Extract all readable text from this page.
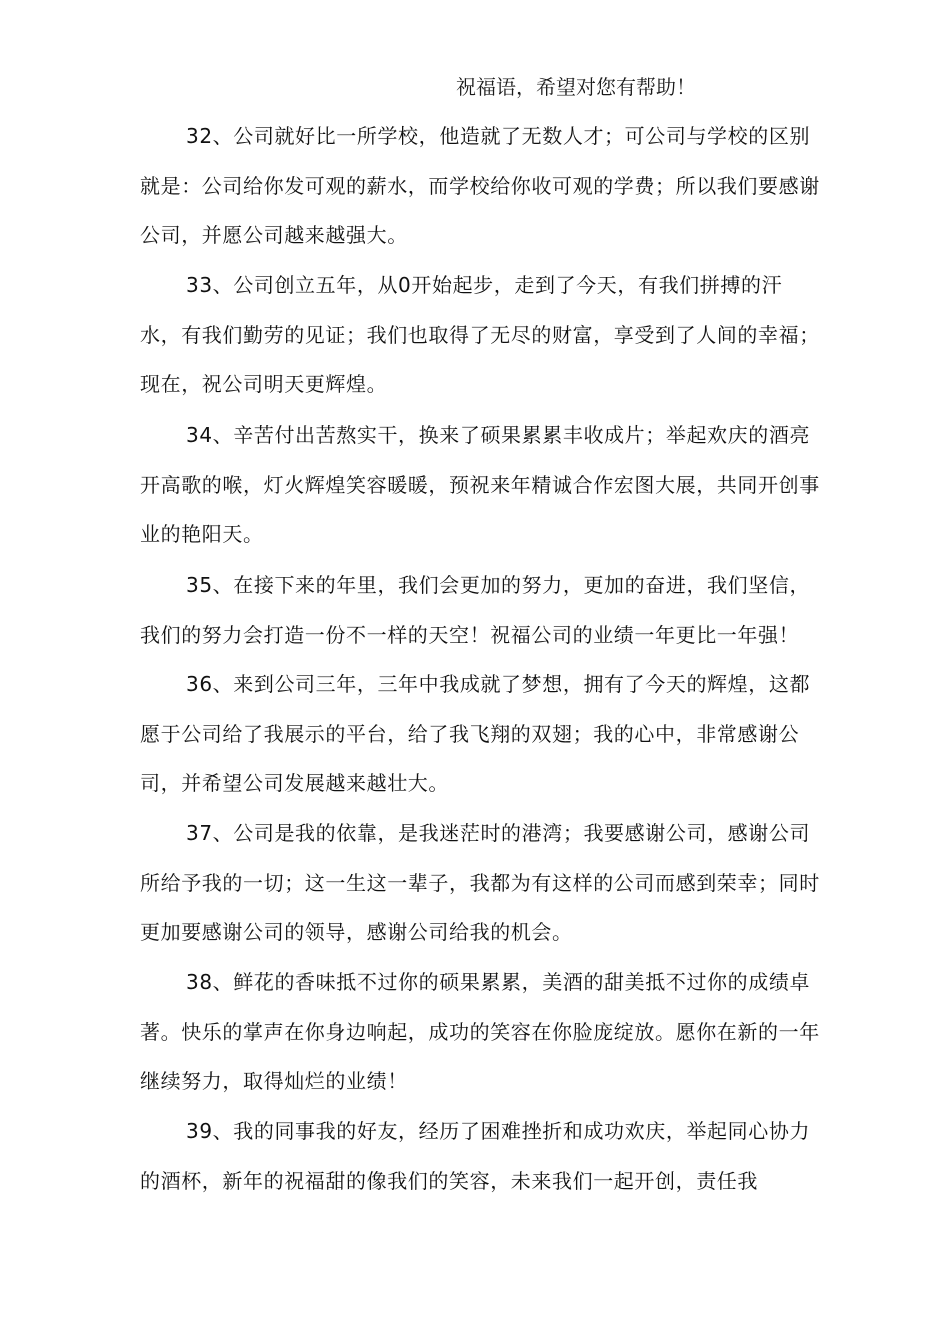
祝福语，希望对您有帮助！

32、公司就好比一所学校，他造就了无数人才；可公司与学校的区别就是：公司给你发可观的薪水，而学校给你收可观的学费；所以我们要感谢公司，并愿公司越来越强大。

33、公司创立五年，从0开始起步，走到了今天，有我们拼搏的汗水，有我们勤劳的见证；我们也取得了无尽的财富，享受到了人间的幸福；现在，祝公司明天更辉煌。

34、辛苦付出苦熬实干，换来了硕果累累丰收成片；举起欢庆的酒亮开高歌的喉，灯火辉煌笑容暖暖，预祝来年精诚合作宏图大展，共同开创事业的艳阳天。

35、在接下来的年里，我们会更加的努力，更加的奋进，我们坚信，我们的努力会打造一份不一样的天空！祝福公司的业绩一年更比一年强！

36、来到公司三年，三年中我成就了梦想，拥有了今天的辉煌，这都愿于公司给了我展示的平台，给了我飞翔的双翅；我的心中，非常感谢公司，并希望公司发展越来越壮大。

37、公司是我的依靠，是我迷茫时的港湾；我要感谢公司，感谢公司所给予我的一切；这一生这一辈子，我都为有这样的公司而感到荣幸；同时更加要感谢公司的领导，感谢公司给我的机会。

38、鲜花的香味抵不过你的硕果累累，美酒的甜美抵不过你的成绩卓著。快乐的掌声在你身边响起，成功的笑容在你脸庞绽放。愿你在新的一年继续努力，取得灿烂的业绩！

39、我的同事我的好友，经历了困难挫折和成功欢庆，举起同心协力的酒杯，新年的祝福甜的像我们的笑容，未来我们一起开创，责任我
